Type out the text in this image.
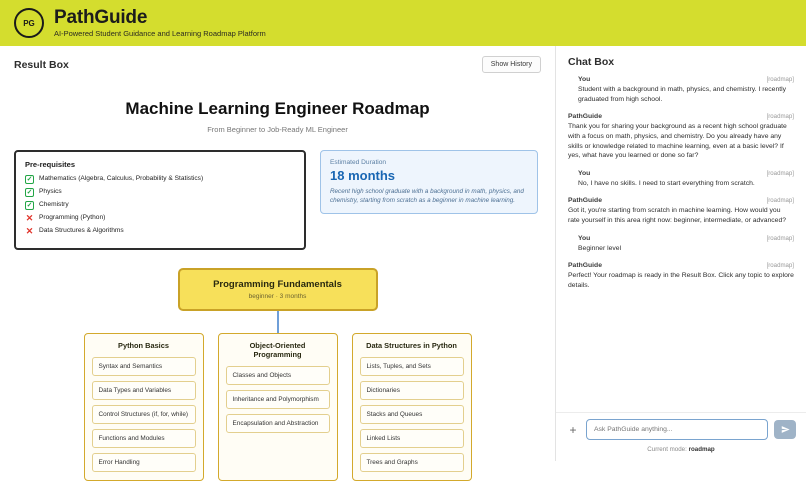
PG PathGuide
AI-Powered Student Guidance and Learning Roadmap Platform
Result Box	Show History
Machine Learning Engineer Roadmap
From Beginner to Job-Ready ML Engineer
Pre-requisites
✓ Mathematics (Algebra, Calculus, Probability & Statistics)
✓ Physics
✓ Chemistry
✕ Programming (Python)
✕ Data Structures & Algorithms
Estimated Duration
18 months
Recent high school graduate with a background in math, physics, and chemistry, starting from scratch as a beginner in machine learning.
Programming Fundamentals
beginner · 3 months
Python Basics
Syntax and Semantics
Data Types and Variables
Control Structures (if, for, while)
Functions and Modules
Error Handling
Object-Oriented Programming
Classes and Objects
Inheritance and Polymorphism
Encapsulation and Abstraction
Data Structures in Python
Lists, Tuples, and Sets
Dictionaries
Stacks and Queues
Linked Lists
Trees and Graphs
Chat Box
You	[roadmap]
Student with a background in math, physics, and chemistry. I recently graduated from high school.
PathGuide	[roadmap]
Thank you for sharing your background as a recent high school graduate with a focus on math, physics, and chemistry. Do you already have any skills or knowledge related to machine learning, even at a basic level? If yes, what have you learned or done so far?
You	[roadmap]
No, I have no skills. I need to start everything from scratch.
PathGuide	[roadmap]
Got it, you're starting from scratch in machine learning. How would you rate yourself in this area right now: beginner, intermediate, or advanced?
You	[roadmap]
Beginner level
PathGuide	[roadmap]
Perfect! Your roadmap is ready in the Result Box. Click any topic to explore details.
+
Ask PathGuide anything...
Current mode: roadmap
